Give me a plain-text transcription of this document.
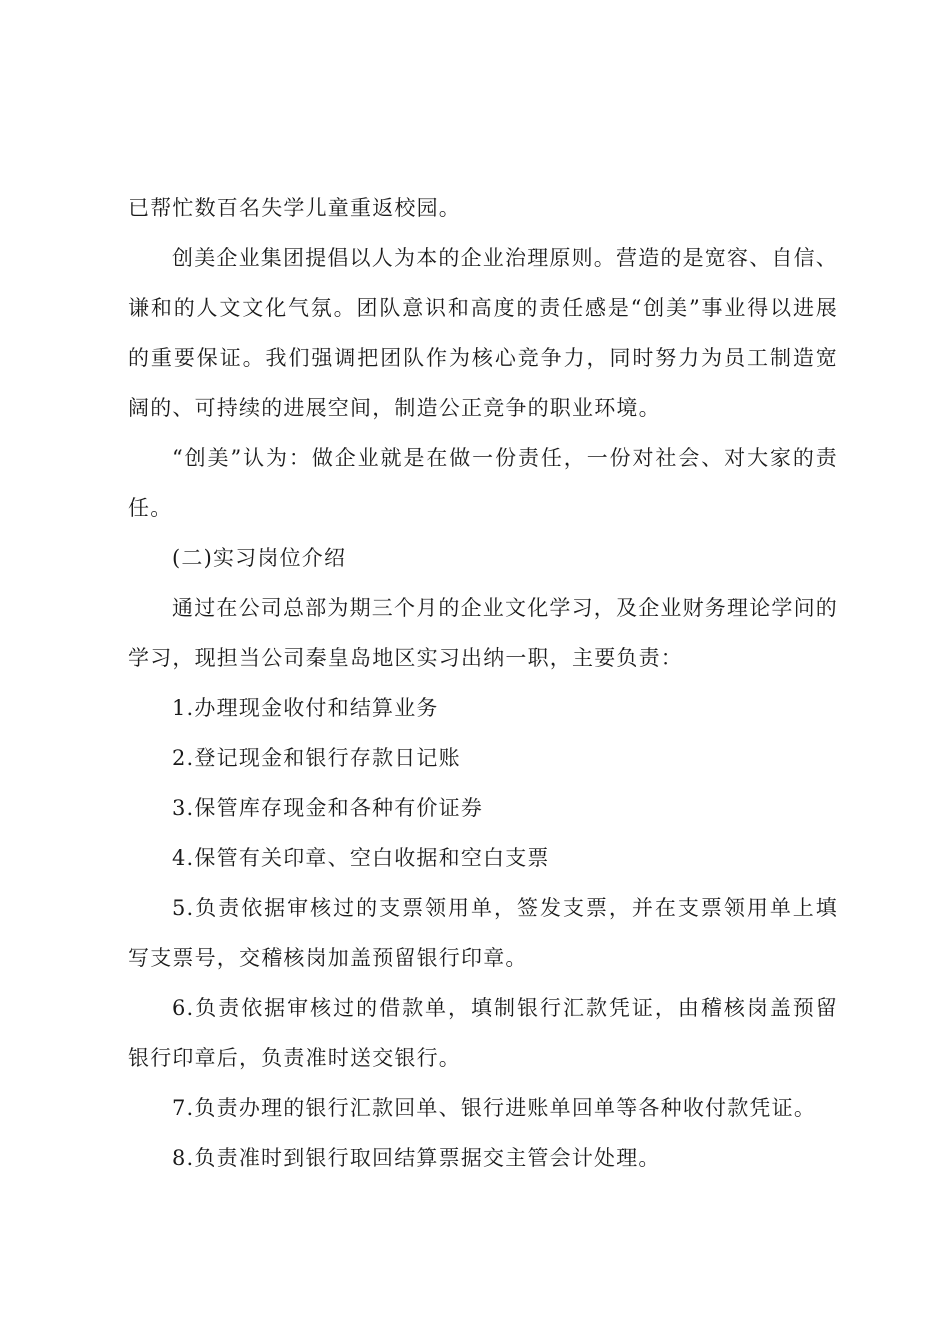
已帮忙数百名失学儿童重返校园。

创美企业集团提倡以人为本的企业治理原则。营造的是宽容、自信、谦和的人文文化气氛。团队意识和高度的责任感是“创美”事业得以进展的重要保证。我们强调把团队作为核心竞争力，同时努力为员工制造宽阔的、可持续的进展空间，制造公正竞争的职业环境。

“创美”认为：做企业就是在做一份责任，一份对社会、对大家的责任。

(二)实习岗位介绍

通过在公司总部为期三个月的企业文化学习，及企业财务理论学问的学习，现担当公司秦皇岛地区实习出纳一职，主要负责：

1.办理现金收付和结算业务

2.登记现金和银行存款日记账

3.保管库存现金和各种有价证券

4.保管有关印章、空白收据和空白支票

5.负责依据审核过的支票领用单，签发支票，并在支票领用单上填写支票号，交稽核岗加盖预留银行印章。

6.负责依据审核过的借款单，填制银行汇款凭证，由稽核岗盖预留银行印章后，负责准时送交银行。

7.负责办理的银行汇款回单、银行进账单回单等各种收付款凭证。

8.负责准时到银行取回结算票据交主管会计处理。
